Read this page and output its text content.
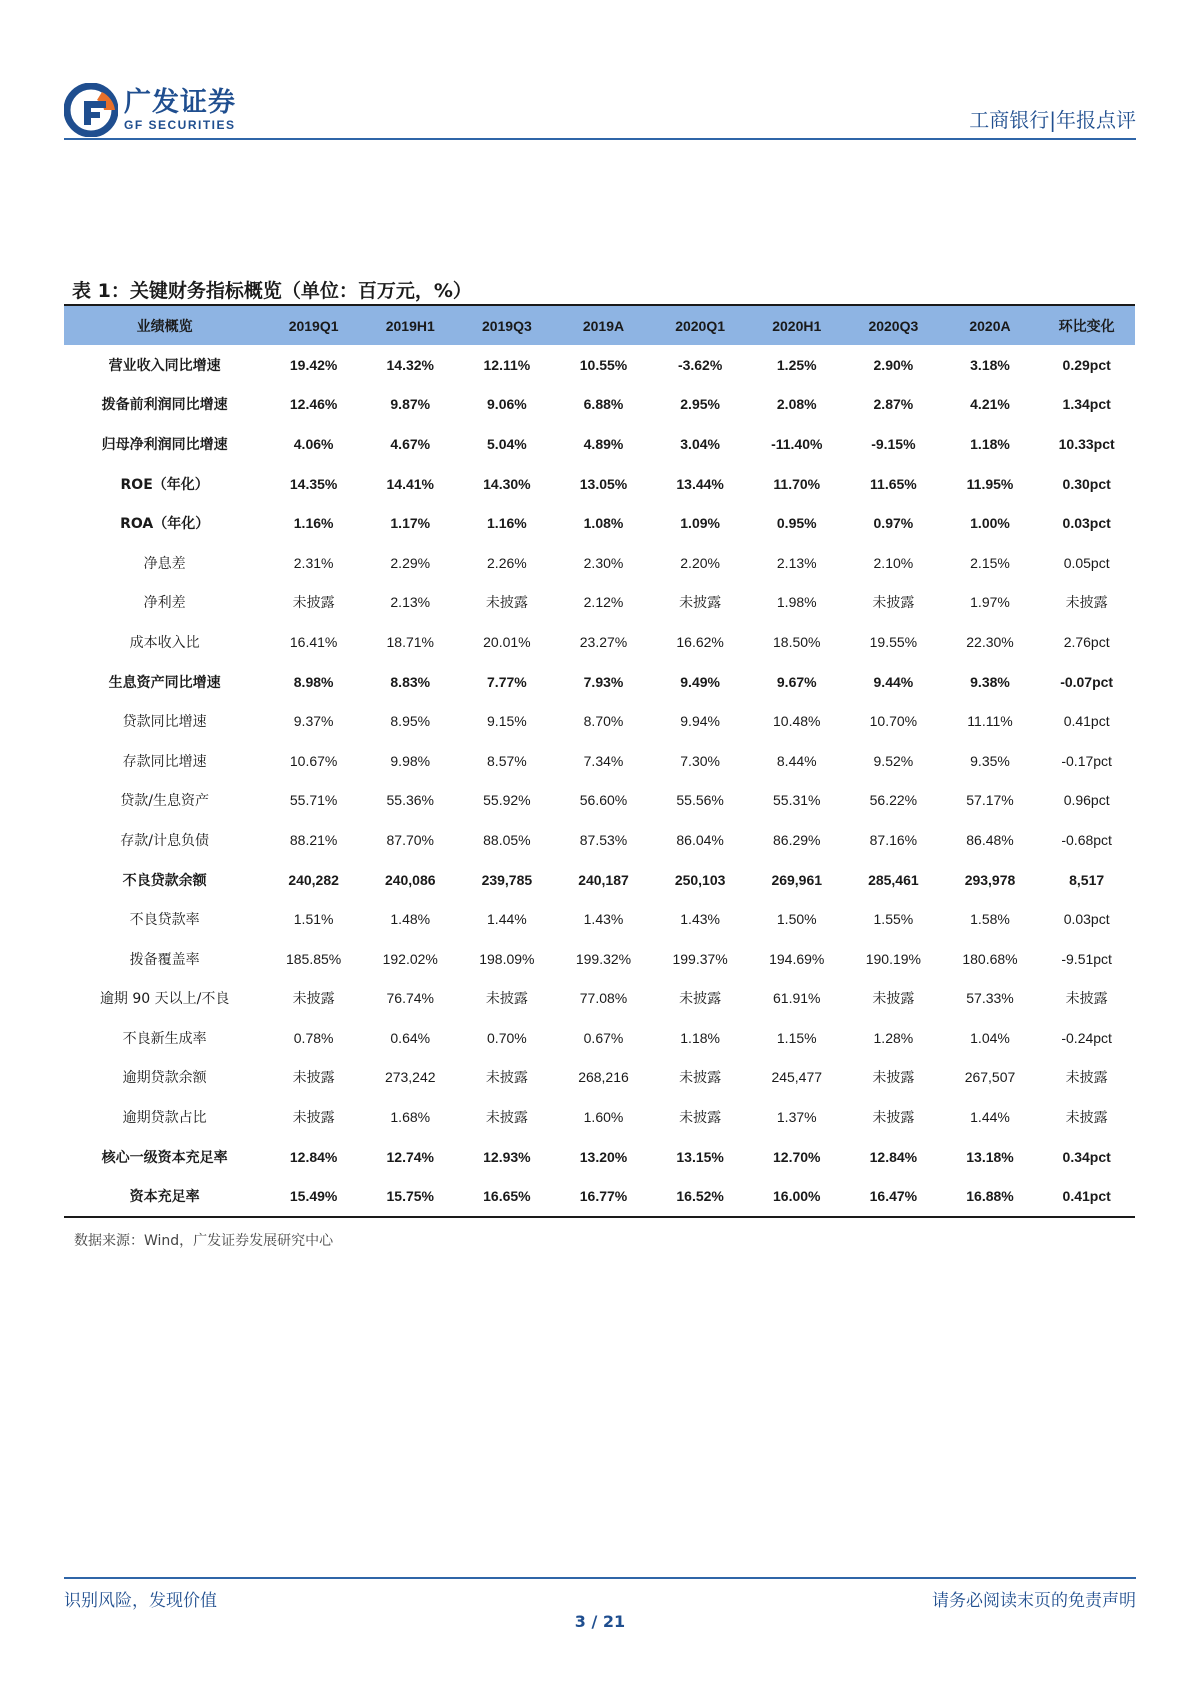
广发证券
GF SECURITIES	工商银行|年报点评
表 1：关键财务指标概览（单位：百万元，%）
业绩概览	2019Q1	2019H1	2019Q3	2019A	2020Q1	2020H1	2020Q3	2020A	环比变化
营业收入同比增速	19.42%	14.32%	12.11%	10.55%	-3.62%	1.25%	2.90%	3.18%	0.29pct
拨备前利润同比增速	12.46%	9.87%	9.06%	6.88%	2.95%	2.08%	2.87%	4.21%	1.34pct
归母净利润同比增速	4.06%	4.67%	5.04%	4.89%	3.04%	-11.40%	-9.15%	1.18%	10.33pct
ROE（年化）	14.35%	14.41%	14.30%	13.05%	13.44%	11.70%	11.65%	11.95%	0.30pct
ROA（年化）	1.16%	1.17%	1.16%	1.08%	1.09%	0.95%	0.97%	1.00%	0.03pct
净息差	2.31%	2.29%	2.26%	2.30%	2.20%	2.13%	2.10%	2.15%	0.05pct
净利差	未披露	2.13%	未披露	2.12%	未披露	1.98%	未披露	1.97%	未披露
成本收入比	16.41%	18.71%	20.01%	23.27%	16.62%	18.50%	19.55%	22.30%	2.76pct
生息资产同比增速	8.98%	8.83%	7.77%	7.93%	9.49%	9.67%	9.44%	9.38%	-0.07pct
贷款同比增速	9.37%	8.95%	9.15%	8.70%	9.94%	10.48%	10.70%	11.11%	0.41pct
存款同比增速	10.67%	9.98%	8.57%	7.34%	7.30%	8.44%	9.52%	9.35%	-0.17pct
贷款/生息资产	55.71%	55.36%	55.92%	56.60%	55.56%	55.31%	56.22%	57.17%	0.96pct
存款/计息负债	88.21%	87.70%	88.05%	87.53%	86.04%	86.29%	87.16%	86.48%	-0.68pct
不良贷款余额	240,282	240,086	239,785	240,187	250,103	269,961	285,461	293,978	8,517
不良贷款率	1.51%	1.48%	1.44%	1.43%	1.43%	1.50%	1.55%	1.58%	0.03pct
拨备覆盖率	185.85%	192.02%	198.09%	199.32%	199.37%	194.69%	190.19%	180.68%	-9.51pct
逾期 90 天以上/不良	未披露	76.74%	未披露	77.08%	未披露	61.91%	未披露	57.33%	未披露
不良新生成率	0.78%	0.64%	0.70%	0.67%	1.18%	1.15%	1.28%	1.04%	-0.24pct
逾期贷款余额	未披露	273,242	未披露	268,216	未披露	245,477	未披露	267,507	未披露
逾期贷款占比	未披露	1.68%	未披露	1.60%	未披露	1.37%	未披露	1.44%	未披露
核心一级资本充足率	12.84%	12.74%	12.93%	13.20%	13.15%	12.70%	12.84%	13.18%	0.34pct
资本充足率	15.49%	15.75%	16.65%	16.77%	16.52%	16.00%	16.47%	16.88%	0.41pct
数据来源：Wind，广发证券发展研究中心
识别风险，发现价值	请务必阅读末页的免责声明
3 / 21
